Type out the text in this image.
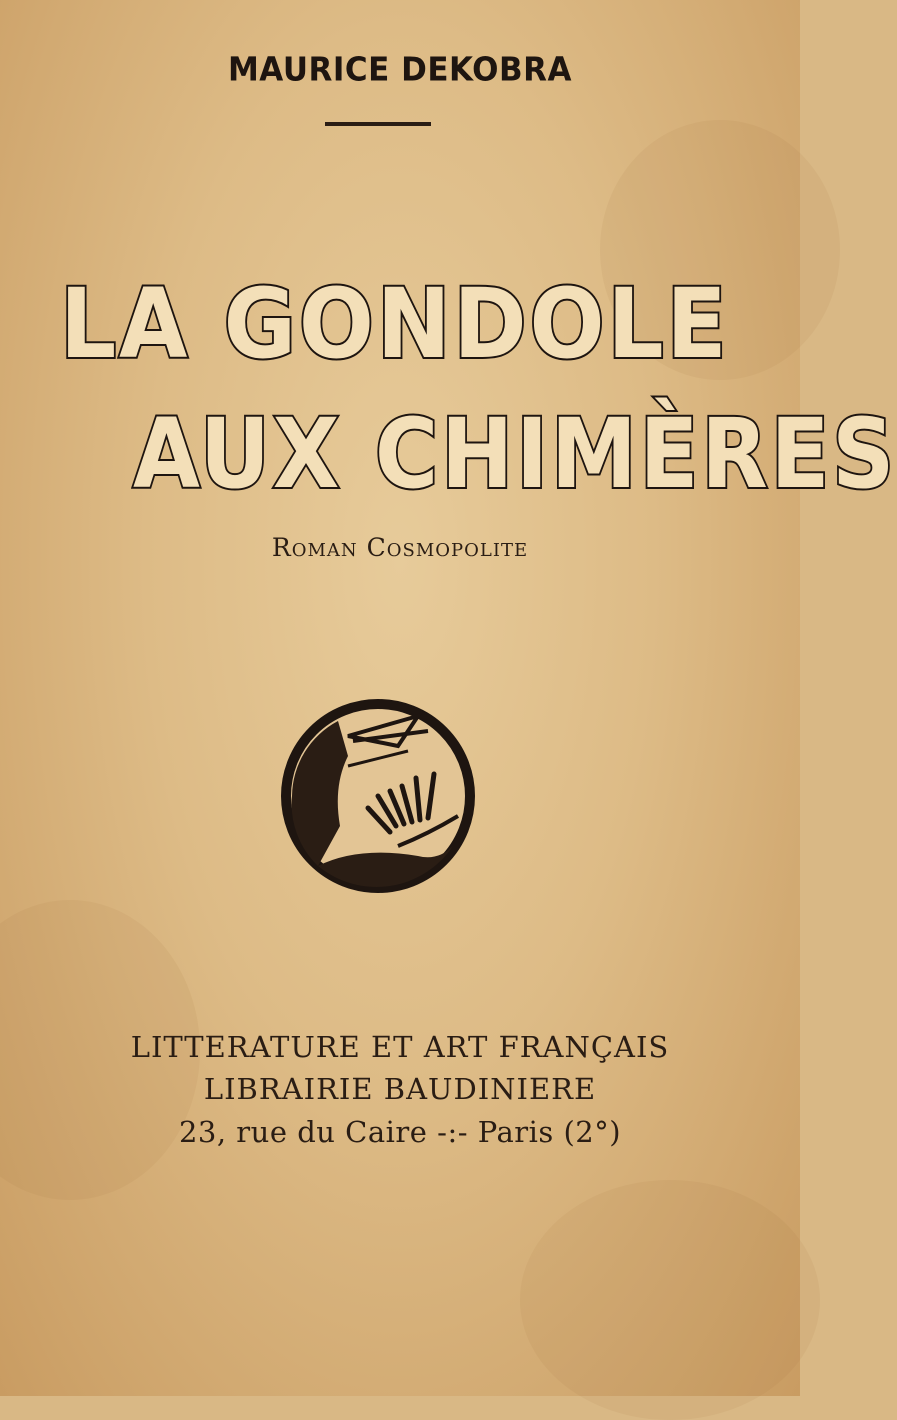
MAURICE DEKOBRA
LA GONDOLE
AUX CHIMÈRES
Roman Cosmopolite
LITTERATURE ET ART FRANÇAIS
LIBRAIRIE BAUDINIERE
23, rue du Caire -:- Paris (2°)
